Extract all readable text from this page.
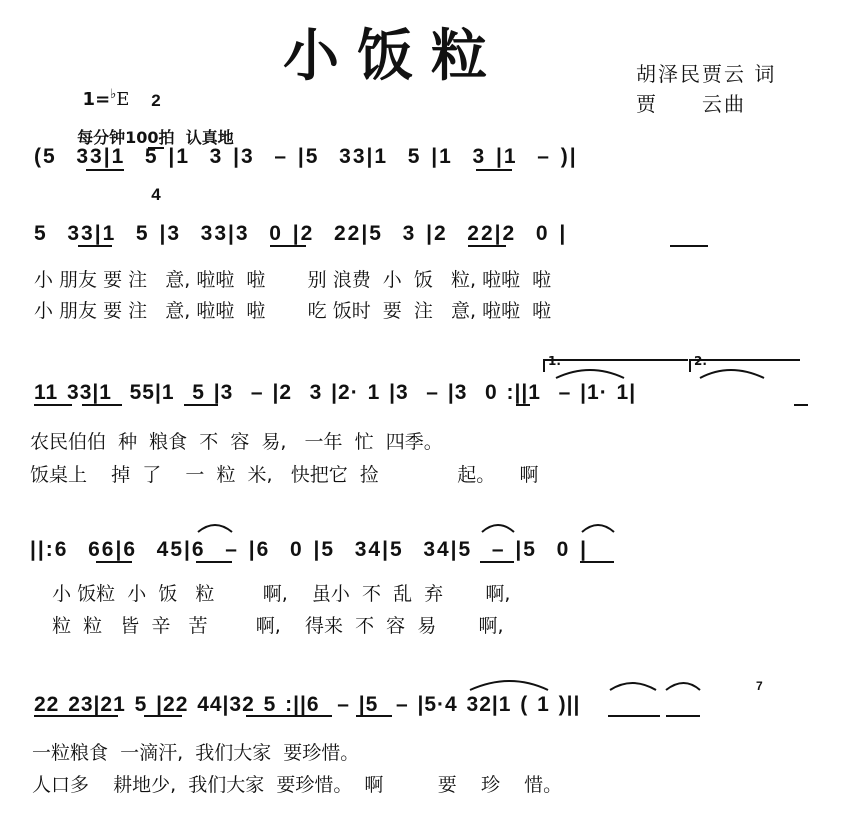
小饭粒

1=♭E

2

4

每分钟100拍 认真地

胡泽民贾云 词
贾　　云曲
(5  33|1  5 |1  3 |3  – |5  33|1  5 |1  3 |1  – )|
5  33|1  5 |3  33|3  0 |2  22|5  3 |2  22|2  0 |
小 朋友 要 注   意, 啦啦  啦       别 浪费  小  饭   粒, 啦啦  啦
小 朋友 要 注   意, 啦啦  啦       吃 饭时  要  注   意, 啦啦  啦
1.	2.
11 33|1  55|1  5 |3  – |2  3 |2· 1 |3  – |3  0 :||1  – |1· 1|
农民伯伯  种  粮食  不  容  易,   一年  忙  四季。
饭桌上    掉  了    一  粒  米,   快把它  捡             起。    啊
||:6  66|6  45|6  – |6  0 |5  34|5  34|5  – |5  0 |
小 饭粒  小  饭   粒        啊,    虽小  不  乱  弃       啊,
粒  粒   皆  辛   苦        啊,    得来  不  容  易       啊,
22 23|21 5 |22 44|32 5 :||6  – |5  – |5·4 32|1 ( 1 )||
一粒粮食  一滴汗,  我们大家  要珍惜。
人口多    耕地少,  我们大家  要珍惜。  啊         要    珍    惜。
7
